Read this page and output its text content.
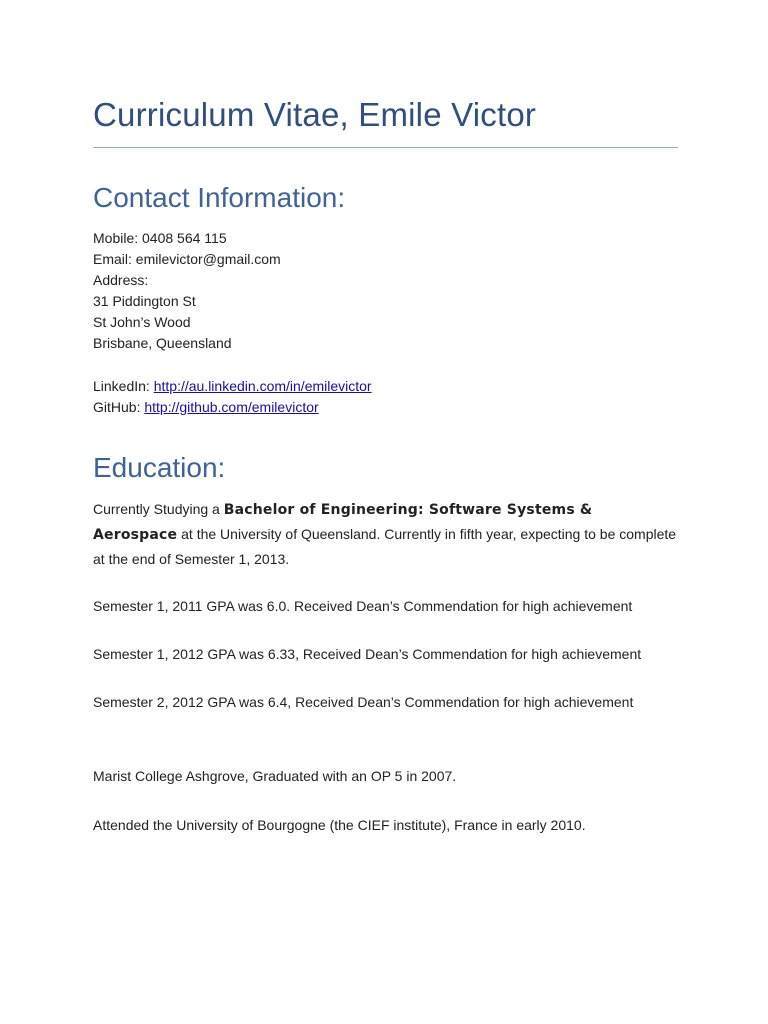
Curriculum Vitae, Emile Victor
Contact Information:
Mobile: 0408 564 115
Email: emilevictor@gmail.com
Address:
31 Piddington St
St John’s Wood
Brisbane, Queensland
LinkedIn: http://au.linkedin.com/in/emilevictor
GitHub: http://github.com/emilevictor
Education:
Currently Studying a Bachelor of Engineering: Software Systems & Aerospace at the University of Queensland. Currently in fifth year, expecting to be complete at the end of Semester 1, 2013.
Semester 1, 2011 GPA was 6.0. Received Dean’s Commendation for high achievement
Semester 1, 2012 GPA was 6.33, Received Dean’s Commendation for high achievement
Semester 2, 2012 GPA was 6.4, Received Dean’s Commendation for high achievement
Marist College Ashgrove, Graduated with an OP 5 in 2007.
Attended the University of Bourgogne (the CIEF institute), France in early 2010.
